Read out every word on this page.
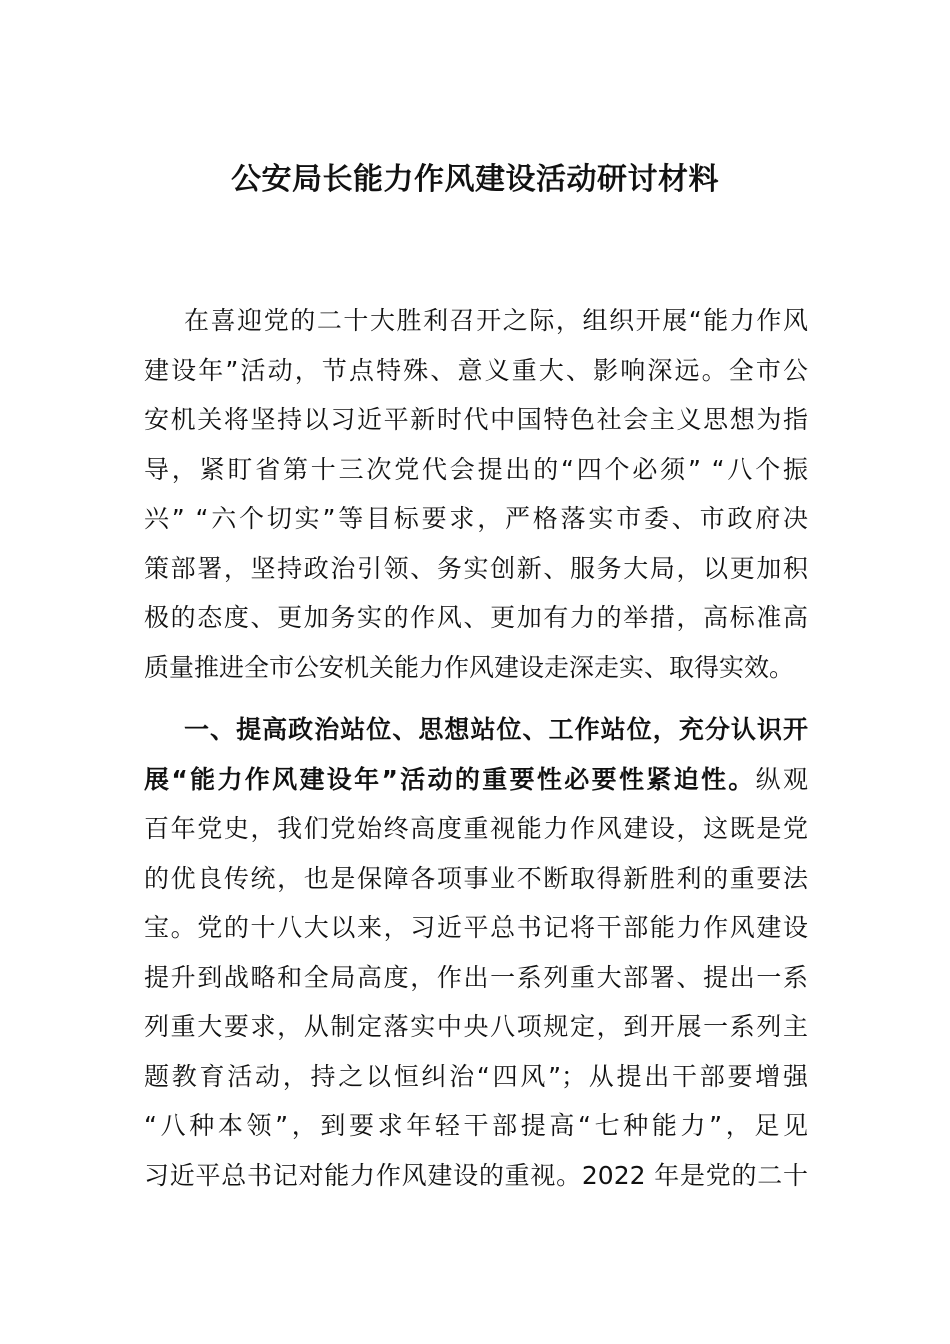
公安局长能力作风建设活动研讨材料
在喜迎党的二十大胜利召开之际，组织开展“能力作风
建设年”活动，节点特殊、意义重大、影响深远。全市公
安机关将坚持以习近平新时代中国特色社会主义思想为指
导，紧盯省第十三次党代会提出的“四个必须” “八个振
兴” “六个切实”等目标要求，严格落实市委、市政府决
策部署，坚持政治引领、务实创新、服务大局，以更加积
极的态度、更加务实的作风、更加有力的举措，高标准高
质量推进全市公安机关能力作风建设走深走实、取得实效。
一、提高政治站位、思想站位、工作站位，充分认识开
展“能力作风建设年”活动的重要性必要性紧迫性。纵观
百年党史，我们党始终高度重视能力作风建设，这既是党
的优良传统，也是保障各项事业不断取得新胜利的重要法
宝。党的十八大以来，习近平总书记将干部能力作风建设
提升到战略和全局高度，作出一系列重大部署、提出一系
列重大要求，从制定落实中央八项规定，到开展一系列主
题教育活动，持之以恒纠治“四风”；从提出干部要增强
“八种本领”，到要求年轻干部提高“七种能力”，足见
习近平总书记对能力作风建设的重视。2022 年是党的二十
